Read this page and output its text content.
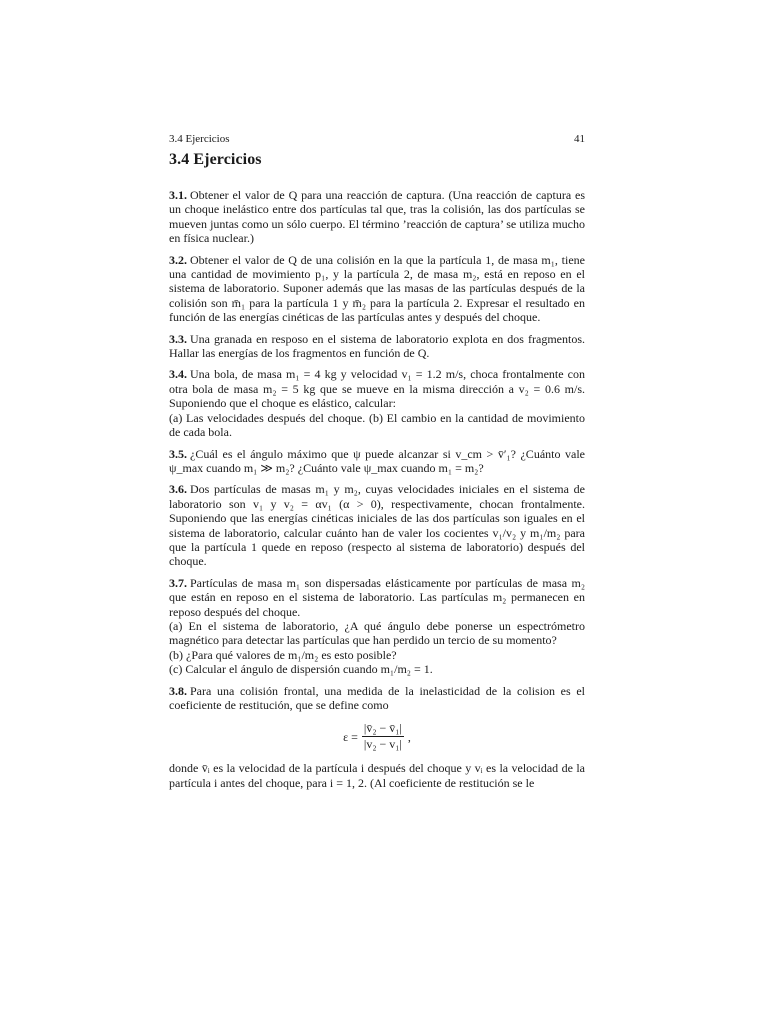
3.4 Ejercicios	41
3.4 Ejercicios

3.1. Obtener el valor de Q para una reacción de captura. (Una reacción de captura es un choque inelástico entre dos partículas tal que, tras la colisión, las dos partículas se mueven juntas como un sólo cuerpo. El término ’reacción de captura’ se utiliza mucho en física nuclear.)

3.2. Obtener el valor de Q de una colisión en la que la partícula 1, de masa m₁, tiene una cantidad de movimiento p₁, y la partícula 2, de masa m₂, está en reposo en el sistema de laboratorio. Suponer además que las masas de las partículas después de la colisión son m̄₁ para la partícula 1 y m̄₂ para la partícula 2. Expresar el resultado en función de las energías cinéticas de las partículas antes y después del choque.

3.3. Una granada en resposo en el sistema de laboratorio explota en dos fragmentos. Hallar las energías de los fragmentos en función de Q.

3.4. Una bola, de masa m₁ = 4 kg y velocidad v₁ = 1.2 m/s, choca frontalmente con otra bola de masa m₂ = 5 kg que se mueve en la misma dirección a v₂ = 0.6 m/s. Suponiendo que el choque es elástico, calcular:

(a) Las velocidades después del choque. (b) El cambio en la cantidad de movimiento de cada bola.

3.5. ¿Cuál es el ángulo máximo que ψ puede alcanzar si v_cm > v̄′₁? ¿Cuánto vale ψ_max cuando m₁ ≫ m₂? ¿Cuánto vale ψ_max cuando m₁ = m₂?

3.6. Dos partículas de masas m₁ y m₂, cuyas velocidades iniciales en el sistema de laboratorio son v₁ y v₂ = αv₁ (α > 0), respectivamente, chocan frontalmente. Suponiendo que las energías cinéticas iniciales de las dos partículas son iguales en el sistema de laboratorio, calcular cuánto han de valer los cocientes v₁/v₂ y m₁/m₂ para que la partícula 1 quede en reposo (respecto al sistema de laboratorio) después del choque.

3.7. Partículas de masa m₁ son dispersadas elásticamente por partículas de masa m₂ que están en reposo en el sistema de laboratorio. Las partículas m₂ permanecen en reposo después del choque.

(a) En el sistema de laboratorio, ¿A qué ángulo debe ponerse un espectrómetro magnético para detectar las partículas que han perdido un tercio de su momento?

(b) ¿Para qué valores de m₁/m₂ es esto posible?

(c) Calcular el ángulo de dispersión cuando m₁/m₂ = 1.

3.8. Para una colisión frontal, una medida de la inelasticidad de la colision es el coeficiente de restitución, que se define como

$\varepsilon = \frac{\text{|v̄₂ − v̄₁|}}{\text{|v₂ − v₁|}}$ ,

donde v̄ᵢ es la velocidad de la partícula i después del choque y vᵢ es la velocidad de la partícula i antes del choque, para i = 1, 2. (Al coeficiente de restitución se le
